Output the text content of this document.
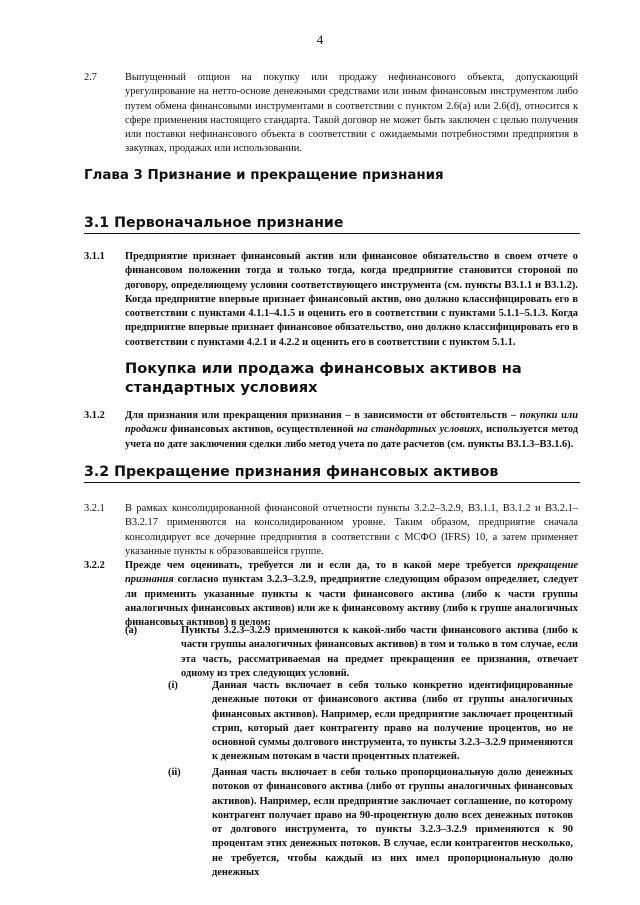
4
2.7	Выпущенный опцион на покупку или продажу нефинансового объекта, допускающий урегулирование на нетто-основе денежными средствами или иным финансовым инструментом либо путем обмена финансовыми инструментами в соответствии с пунктом 2.6(a) или 2.6(d), относится к сфере применения настоящего стандарта. Такой договор не может быть заключен с целью получения или поставки нефинансового объекта в соответствии с ожидаемыми потребностями предприятия в закупках, продажах или использовании.
Глава 3 Признание и прекращение признания
3.1 Первоначальное признание
3.1.1 Предприятие признает финансовый актив или финансовое обязательство в своем отчете о финансовом положении тогда и только тогда, когда предприятие становится стороной по договору, определяющему условия соответствующего инструмента (см. пункты B3.1.1 и B3.1.2). Когда предприятие впервые признает финансовый актив, оно должно классифицировать его в соответствии с пунктами 4.1.1–4.1.5 и оценить его в соответствии с пунктами 5.1.1–5.1.3. Когда предприятие впервые признает финансовое обязательство, оно должно классифицировать его в соответствии с пунктами 4.2.1 и 4.2.2 и оценить его в соответствии с пунктом 5.1.1.
Покупка или продажа финансовых активов на стандартных условиях
3.1.2 Для признания или прекращения признания – в зависимости от обстоятельств – покупки или продажи финансовых активов, осуществленной на стандартных условиях, используется метод учета по дате заключения сделки либо метод учета по дате расчетов (см. пункты B3.1.3–B3.1.6).
3.2 Прекращение признания финансовых активов
3.2.1 В рамках консолидированной финансовой отчетности пункты 3.2.2–3.2.9, B3.1.1, B3.1.2 и B3.2.1–B3.2.17 применяются на консолидированном уровне. Таким образом, предприятие сначала консолидирует все дочерние предприятия в соответствии с МСФО (IFRS) 10, а затем применяет указанные пункты к образовавшейся группе.
3.2.2 Прежде чем оценивать, требуется ли и если да, то в какой мере требуется прекращение признания согласно пунктам 3.2.3–3.2.9, предприятие следующим образом определяет, следует ли применить указанные пункты к части финансового актива (либо к части группы аналогичных финансовых активов) или же к финансовому активу (либо к группе аналогичных финансовых активов) в целом:
(a)	Пункты 3.2.3–3.2.9 применяются к какой-либо части финансового актива (либо к части группы аналогичных финансовых активов) в том и только в том случае, если эта часть, рассматриваемая на предмет прекращения ее признания, отвечает одному из трех следующих условий.
(i)	Данная часть включает в себя только конкретно идентифицированные денежные потоки от финансового актива (либо от группы аналогичных финансовых активов). Например, если предприятие заключает процентный стрип, который дает контрагенту право на получение процентов, но не основной суммы долгового инструмента, то пункты 3.2.3–3.2.9 применяются к денежным потокам в части процентных платежей.
(ii)	Данная часть включает в себя только пропорциональную долю денежных потоков от финансового актива (либо от группы аналогичных финансовых активов). Например, если предприятие заключает соглашение, по которому контрагент получает право на 90-процентную долю всех денежных потоков от долгового инструмента, то пункты 3.2.3–3.2.9 применяются к 90 процентам этих денежных потоков. В случае, если контрагентов несколько, не требуется, чтобы каждый из них имел пропорциональную долю денежных
